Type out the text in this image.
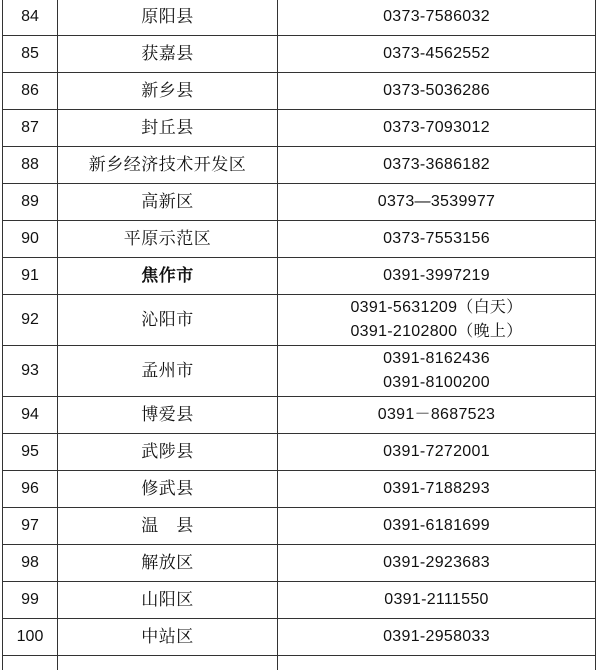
84	原阳县	0373-7586032

85	获嘉县	0373-4562552

86	新乡县	0373-5036286

87	封丘县	0373-7093012

88	新乡经济技术开发区	0373-3686182

89	高新区	0373—3539977

90	平原示范区	0373-7553156

91	焦作市	0391-3997219

92	沁阳市	0391-5631209（白天）
0391-2102800（晚上）

93	孟州市	0391-8162436
0391-8100200

94	博爱县	0391－8687523

95	武陟县	0391-7272001

96	修武县	0391-7188293

97	温　县	0391-6181699

98	解放区	0391-2923683

99	山阳区	0391-2111550

100	中站区	0391-2958033
